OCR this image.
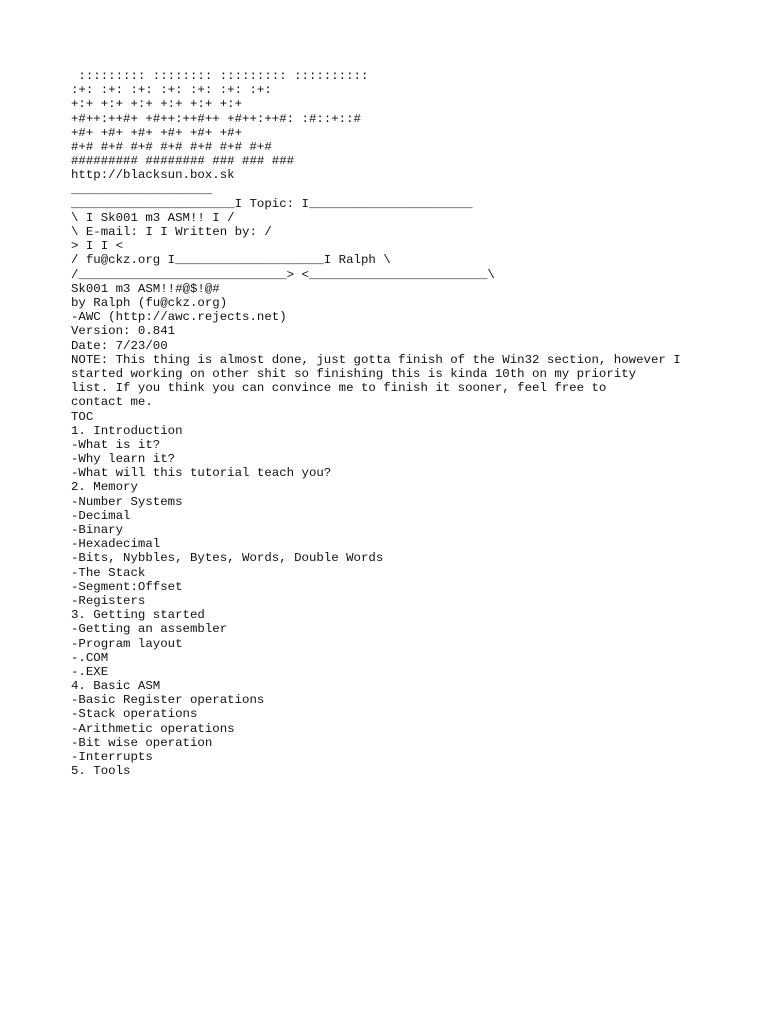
::::::::: :::::::: ::::::::: ::::::::::
:+: :+: :+: :+: :+: :+: :+:
+:+ +:+ +:+ +:+ +:+ +:+
+#++:++#+ +#++:++#++ +#++:++#: :#::+::#
+#+ +#+ +#+ +#+ +#+ +#+
#+# #+# #+# #+# #+# #+# #+#
######### ######## ### ### ###
http://blacksun.box.sk
___________________
______________________I Topic: I______________________
\ I Sk001 m3 ASM!! I /
\ E-mail: I I Written by: /
> I I <
/ fu@ckz.org I____________________I Ralph \
/____________________________> <________________________\
Sk001 m3 ASM!!#@$!@#
by Ralph (fu@ckz.org)
-AWC (http://awc.rejects.net)
Version: 0.841
Date: 7/23/00
NOTE: This thing is almost done, just gotta finish of the Win32 section, however I
started working on other shit so finishing this is kinda 10th on my priority
list. If you think you can convince me to finish it sooner, feel free to
contact me.
TOC
1. Introduction
-What is it?
-Why learn it?
-What will this tutorial teach you?
2. Memory
-Number Systems
-Decimal
-Binary
-Hexadecimal
-Bits, Nybbles, Bytes, Words, Double Words
-The Stack
-Segment:Offset
-Registers
3. Getting started
-Getting an assembler
-Program layout
-.COM
-.EXE
4. Basic ASM
-Basic Register operations
-Stack operations
-Arithmetic operations
-Bit wise operation
-Interrupts
5. Tools
